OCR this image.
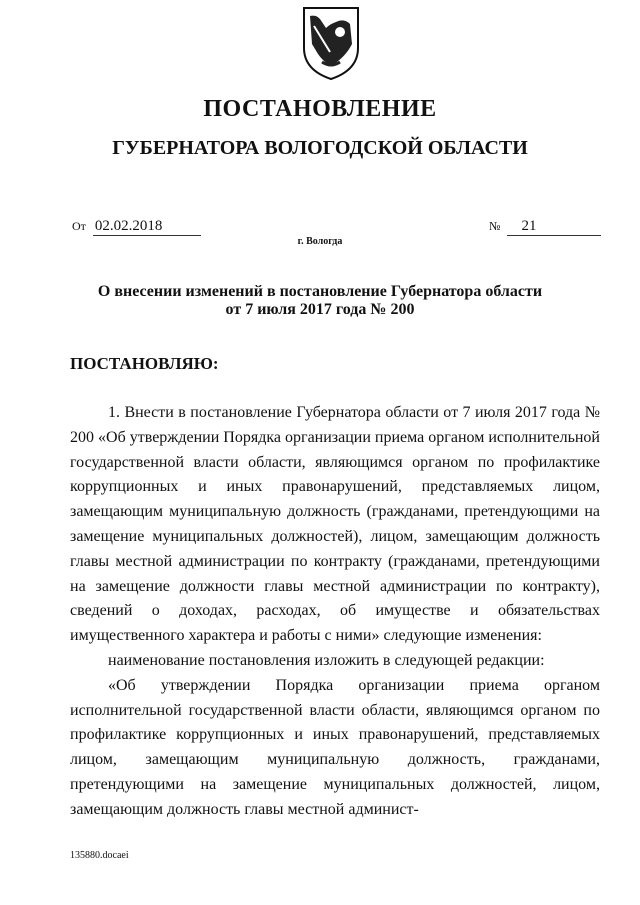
ПОСТАНОВЛЕНИЕ
ГУБЕРНАТОРА ВОЛОГОДСКОЙ ОБЛАСТИ
От 02.02.2018	№ 21
г. Вологда
О внесении изменений в постановление Губернатора области
от 7 июля 2017 года № 200
ПОСТАНОВЛЯЮ:

1. Внести в постановление Губернатора области от 7 июля 2017 года № 200 «Об утверждении Порядка организации приема органом исполнительной государственной власти области, являющимся органом по профилактике коррупционных и иных правонарушений, представляемых лицом, замещающим муниципальную должность (гражданами, претендующими на замещение муниципальных должностей), лицом, замещающим должность главы местной администрации по контракту (гражданами, претендующими на замещение должности главы местной администрации по контракту), сведений о доходах, расходах, об имуществе и обязательствах имущественного характера и работы с ними» следующие изменения:

наименование постановления изложить в следующей редакции:

«Об утверждении Порядка организации приема органом исполнительной государственной власти области, являющимся органом по профилактике коррупционных и иных правонарушений, представляемых лицом, замещающим муниципальную должность, гражданами, претендующими на замещение муниципальных должностей, лицом, замещающим должность главы местной админист-

135880.docaei
